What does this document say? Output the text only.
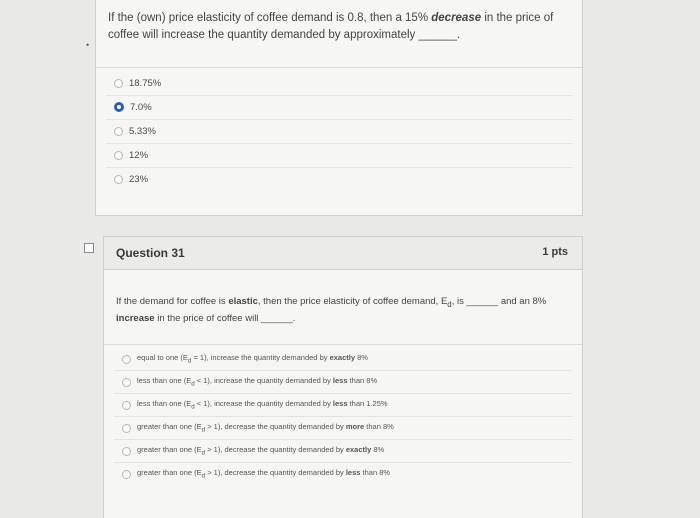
•
If the (own) price elasticity of coffee demand is 0.8, then a 15% decrease in the price of coffee will increase the quantity demanded by approximately ______.
18.75%
7.0%
5.33%
12%
23%
Question 31	1 pts
If the demand for coffee is elastic, then the price elasticity of coffee demand, $E_d$, is ______ and an 8% increase in the price of coffee will ______.
equal to one $(E_d = 1)$, increase the quantity demanded by exactly 8%
less than one $(E_d < 1)$, increase the quantity demanded by less than 8%
less than one $(E_d < 1)$, increase the quantity demanded by less than 1.25%
greater than one $(E_d > 1)$, decrease the quantity demanded by more than 8%
greater than one $(E_d > 1)$, decrease the quantity demanded by exactly 8%
greater than one $(E_d > 1)$, decrease the quantity demanded by less than 8%
